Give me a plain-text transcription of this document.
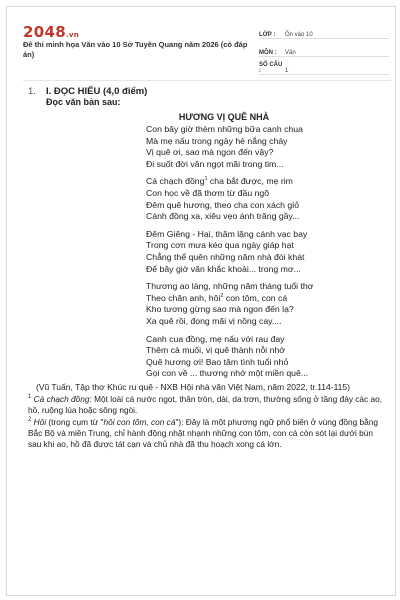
2048.vn
Đề thi minh họa Văn vào 10 Sở Tuyên Quang năm 2026 (có đáp án)
LỚP :	Ôn vào 10
MÔN :	Văn
SỐ CÂU :	1
1.	I. ĐỌC HIỂU (4,0 điểm)
Đọc văn bản sau:
HƯƠNG VỊ QUÊ NHÀ
Con bây giờ thèm những bữa canh chua
Mà mẹ nấu trong ngày hè nắng cháy
Vị quê ơi, sao mà ngon đến vậy?
Đi suốt đời văn ngọt mãi trong tim...
Cá chạch đồng$^1$ cha bắt được, mẹ rim
Con học về đã thơm từ đầu ngõ
Đêm quê hương, theo cha con xách giỏ
Cánh đồng xa, xiêu vẹo ánh trăng gầy...
Đêm Giêng - Hai, thăm lặng cánh vạc bay
Trong cơn mưa kéo qua ngày giáp hạt
Chẳng thể quên những năm nhà đói khát
Để bây giờ văn khắc khoải... trong mơ...
Thương ao làng, những năm tháng tuổi thơ
Theo chân anh, hôi$^2$ con tôm, con cá
Kho tương gừng sao mà ngon đến lạ?
Xa quê rồi, đọng mãi vị nồng cay....
Canh cua đồng, mẹ nấu với rau đay
Thêm cà muối, vị quê thành nỗi nhớ
Quê hương ơi! Bao tâm tình tuổi nhỏ
Gọi con về ... thương nhớ một miền quê...
(Vũ Tuấn, Tập thơ Khúc ru quê - NXB Hội nhà văn Việt Nam, năm 2022, tr.114-115)
$^1$ Cá chạch đồng: Một loài cá nước ngọt, thân tròn, dài, da trơn, thường sống ở tầng đáy các ao, hồ, ruộng lúa hoặc sông ngòi.
$^2$ Hôi (trong cụm từ "hôi con tôm, con cá"): Đây là một phương ngữ phổ biến ở vùng đồng bằng Bắc Bộ và miền Trung, chỉ hành động nhặt nhạnh những con tôm, con cá còn sót lại dưới bùn sau khi ao, hồ đã được tát cạn và chủ nhà đã thu hoạch xong cá lớn.
